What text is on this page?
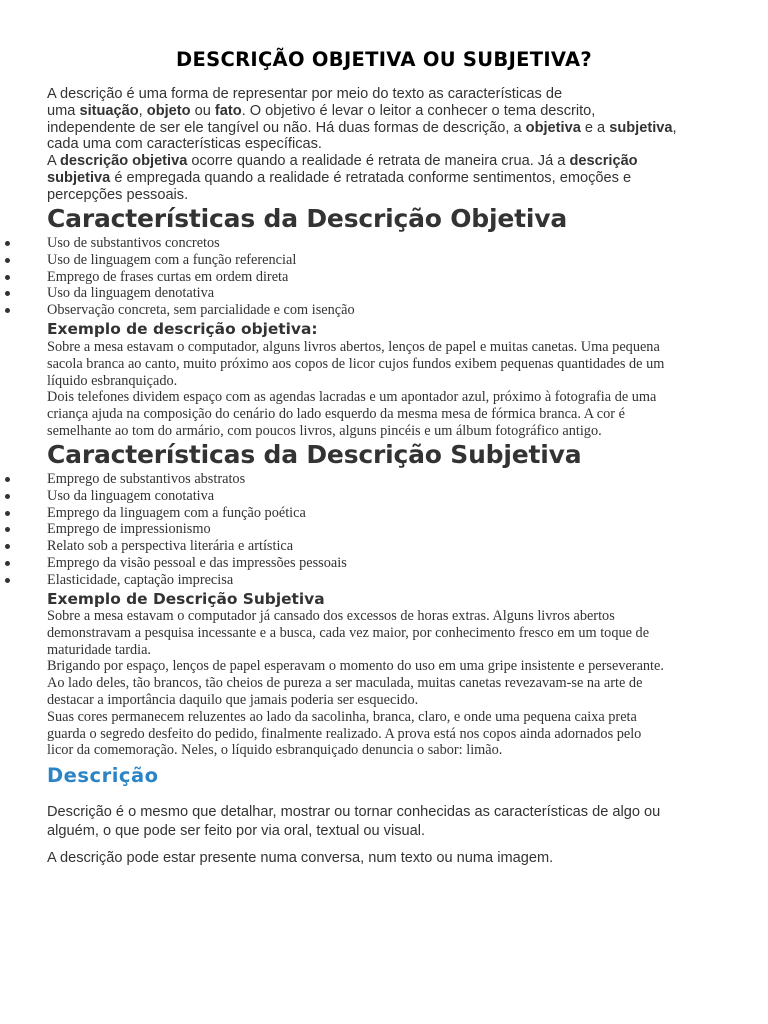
DESCRIÇÃO OBJETIVA OU SUBJETIVA?
A descrição é uma forma de representar por meio do texto as características de
uma situação, objeto ou fato. O objetivo é levar o leitor a conhecer o tema descrito,
independente de ser ele tangível ou não. Há duas formas de descrição, a objetiva e a subjetiva,
cada uma com características específicas.
A descrição objetiva ocorre quando a realidade é retrata de maneira crua. Já a descrição
subjetiva é empregada quando a realidade é retratada conforme sentimentos, emoções e
percepções pessoais.
Características da Descrição Objetiva
Uso de substantivos concretos
Uso de linguagem com a função referencial
Emprego de frases curtas em ordem direta
Uso da linguagem denotativa
Observação concreta, sem parcialidade e com isenção
Exemplo de descrição objetiva:
Sobre a mesa estavam o computador, alguns livros abertos, lenços de papel e muitas canetas. Uma pequena
sacola branca ao canto, muito próximo aos copos de licor cujos fundos exibem pequenas quantidades de um
líquido esbranquiçado.
Dois telefones dividem espaço com as agendas lacradas e um apontador azul, próximo à fotografia de uma
criança ajuda na composição do cenário do lado esquerdo da mesma mesa de fórmica branca. A cor é
semelhante ao tom do armário, com poucos livros, alguns pincéis e um álbum fotográfico antigo.
Características da Descrição Subjetiva
Emprego de substantivos abstratos
Uso da linguagem conotativa
Emprego da linguagem com a função poética
Emprego de impressionismo
Relato sob a perspectiva literária e artística
Emprego da visão pessoal e das impressões pessoais
Elasticidade, captação imprecisa
Exemplo de Descrição Subjetiva
Sobre a mesa estavam o computador já cansado dos excessos de horas extras. Alguns livros abertos
demonstravam a pesquisa incessante e a busca, cada vez maior, por conhecimento fresco em um toque de
maturidade tardia.
Brigando por espaço, lenços de papel esperavam o momento do uso em uma gripe insistente e perseverante.
Ao lado deles, tão brancos, tão cheios de pureza a ser maculada, muitas canetas revezavam-se na arte de
destacar a importância daquilo que jamais poderia ser esquecido.
Suas cores permanecem reluzentes ao lado da sacolinha, branca, claro, e onde uma pequena caixa preta
guarda o segredo desfeito do pedido, finalmente realizado. A prova está nos copos ainda adornados pelo
licor da comemoração. Neles, o líquido esbranquiçado denuncia o sabor: limão.
Descrição
Descrição é o mesmo que detalhar, mostrar ou tornar conhecidas as características de algo ou
alguém, o que pode ser feito por via oral, textual ou visual.
A descrição pode estar presente numa conversa, num texto ou numa imagem.
